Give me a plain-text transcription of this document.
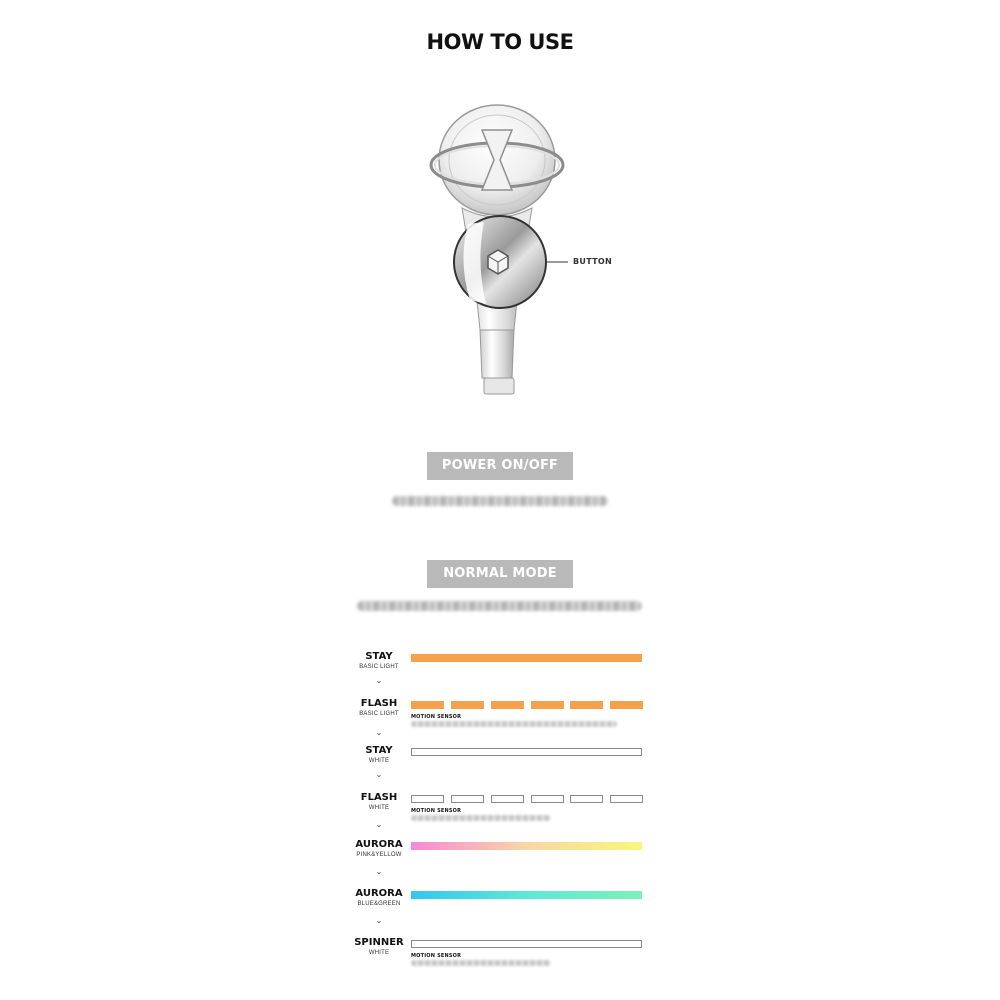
HOW TO USE
BUTTON
POWER ON/OFF
NORMAL MODE
STAY
BASIC LIGHT
⌄
FLASH
BASIC LIGHT	MOTION SENSOR
⌄
STAY
WHITE
⌄
FLASH
WHITE	MOTION SENSOR
⌄
AURORA
PINK&YELLOW
⌄
AURORA
BLUE&GREEN
⌄
SPINNER
WHITE	MOTION SENSOR
